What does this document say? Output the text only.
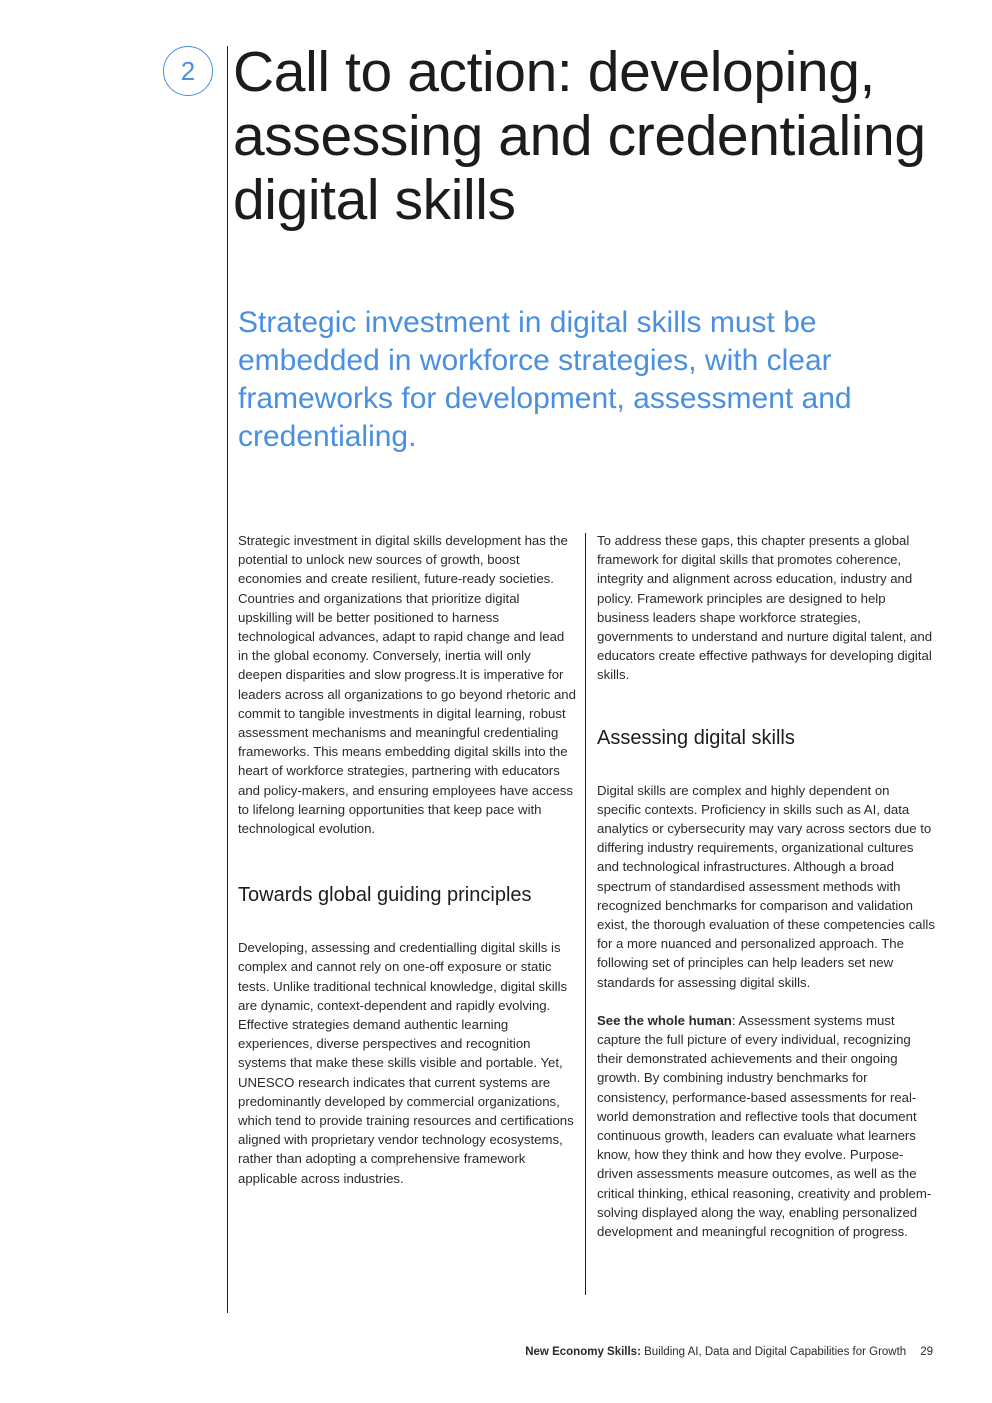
2 Call to action: developing, assessing and credentialing digital skills

Strategic investment in digital skills must be embedded in workforce strategies, with clear frameworks for development, assessment and credentialing.

Strategic investment in digital skills development has the potential to unlock new sources of growth, boost economies and create resilient, future-ready societies. Countries and organizations that prioritize digital upskilling will be better positioned to harness technological advances, adapt to rapid change and lead in the global economy. Conversely, inertia will only deepen disparities and slow progress.It is imperative for leaders across all organizations to go beyond rhetoric and commit to tangible investments in digital learning, robust assessment mechanisms and meaningful credentialing frameworks. This means embedding digital skills into the heart of workforce strategies, partnering with educators and policy-makers, and ensuring employees have access to lifelong learning opportunities that keep pace with technological evolution.

Towards global guiding principles

Developing, assessing and credentialling digital skills is complex and cannot rely on one-off exposure or static tests. Unlike traditional technical knowledge, digital skills are dynamic, context-dependent and rapidly evolving. Effective strategies demand authentic learning experiences, diverse perspectives and recognition systems that make these skills visible and portable. Yet, UNESCO research indicates that current systems are predominantly developed by commercial organizations, which tend to provide training resources and certifications aligned with proprietary vendor technology ecosystems, rather than adopting a comprehensive framework applicable across industries.

To address these gaps, this chapter presents a global framework for digital skills that promotes coherence, integrity and alignment across education, industry and policy. Framework principles are designed to help business leaders shape workforce strategies, governments to understand and nurture digital talent, and educators create effective pathways for developing digital skills.

Assessing digital skills

Digital skills are complex and highly dependent on specific contexts. Proficiency in skills such as AI, data analytics or cybersecurity may vary across sectors due to differing industry requirements, organizational cultures and technological infrastructures. Although a broad spectrum of standardised assessment methods with recognized benchmarks for comparison and validation exist, the thorough evaluation of these competencies calls for a more nuanced and personalized approach. The following set of principles can help leaders set new standards for assessing digital skills.

See the whole human: Assessment systems must capture the full picture of every individual, recognizing their demonstrated achievements and their ongoing growth. By combining industry benchmarks for consistency, performance-based assessments for real-world demonstration and reflective tools that document continuous growth, leaders can evaluate what learners know, how they think and how they evolve. Purpose-driven assessments measure outcomes, as well as the critical thinking, ethical reasoning, creativity and problem-solving displayed along the way, enabling personalized development and meaningful recognition of progress.

New Economy Skills: Building AI, Data and Digital Capabilities for Growth 29
